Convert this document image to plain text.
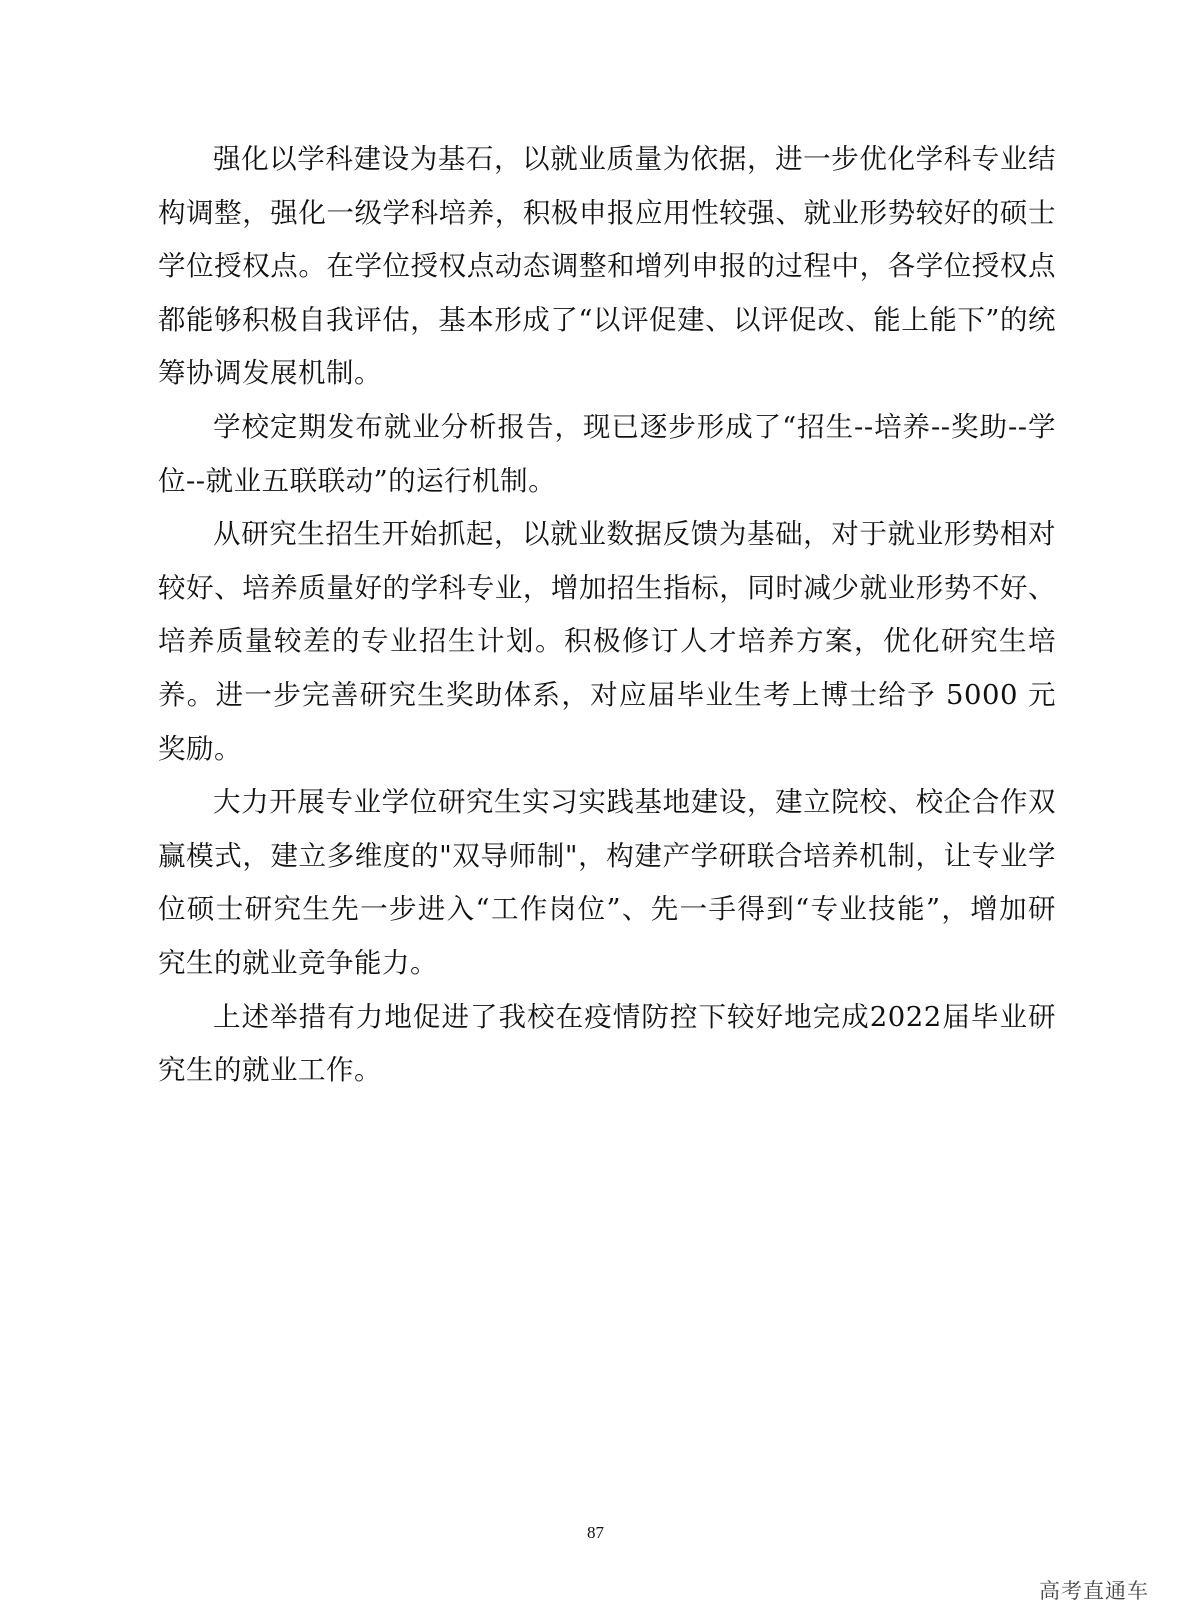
强化以学科建设为基石，以就业质量为依据，进一步优化学科专业结构调整，强化一级学科培养，积极申报应用性较强、就业形势较好的硕士学位授权点。在学位授权点动态调整和增列申报的过程中，各学位授权点都能够积极自我评估，基本形成了“以评促建、以评促改、能上能下”的统筹协调发展机制。

学校定期发布就业分析报告，现已逐步形成了“招生--培养--奖助--学位--就业五联联动”的运行机制。

从研究生招生开始抓起，以就业数据反馈为基础，对于就业形势相对较好、培养质量好的学科专业，增加招生指标，同时减少就业形势不好、培养质量较差的专业招生计划。积极修订人才培养方案，优化研究生培养。进一步完善研究生奖助体系，对应届毕业生考上博士给予 5000 元奖励。

大力开展专业学位研究生实习实践基地建设，建立院校、校企合作双赢模式，建立多维度的"双导师制"，构建产学研联合培养机制，让专业学位硕士研究生先一步进入“工作岗位”、先一手得到“专业技能”，增加研究生的就业竞争能力。

上述举措有力地促进了我校在疫情防控下较好地完成2022届毕业研究生的就业工作。

87
高考直通车
